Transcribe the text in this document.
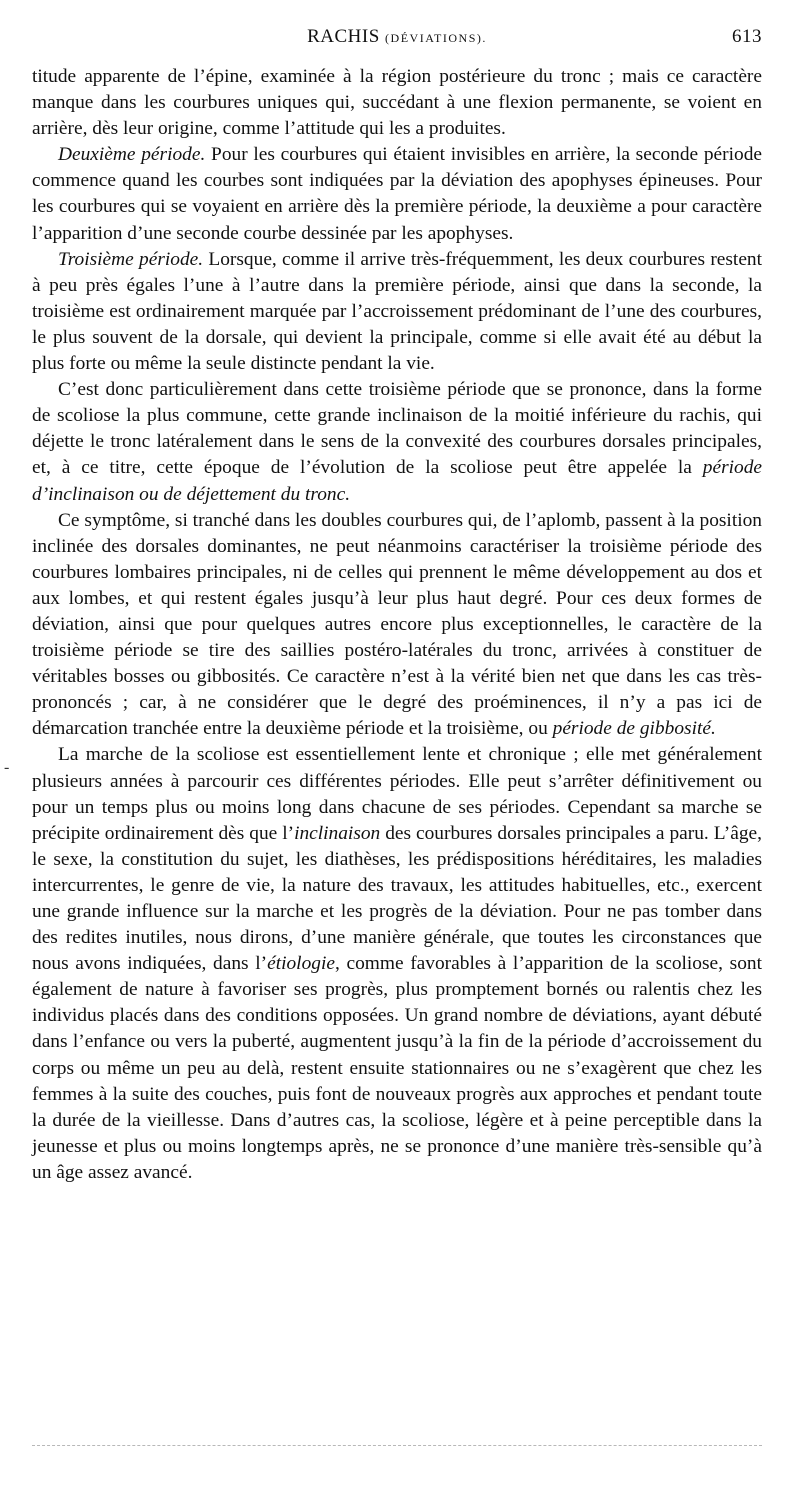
RACHIS (DÉVIATIONS).	613

titude apparente de l’épine, examinée à la région postérieure du tronc ; mais ce caractère manque dans les courbures uniques qui, succédant à une flexion permanente, se voient en arrière, dès leur origine, comme l’attitude qui les a produites.

Deuxième période. Pour les courbures qui étaient invisibles en arrière, la seconde période commence quand les courbes sont indiquées par la déviation des apophyses épineuses. Pour les courbures qui se voyaient en arrière dès la première période, la deuxième a pour caractère l’apparition d’une seconde courbe dessinée par les apophyses.

Troisième période. Lorsque, comme il arrive très-fréquemment, les deux courbures restent à peu près égales l’une à l’autre dans la première période, ainsi que dans la seconde, la troisième est ordinairement marquée par l’accroissement prédominant de l’une des courbures, le plus souvent de la dorsale, qui devient la principale, comme si elle avait été au début la plus forte ou même la seule distincte pendant la vie.

C’est donc particulièrement dans cette troisième période que se prononce, dans la forme de scoliose la plus commune, cette grande inclinaison de la moitié inférieure du rachis, qui déjette le tronc latéralement dans le sens de la convexité des courbures dorsales principales, et, à ce titre, cette époque de l’évolution de la scoliose peut être appelée la période d’inclinaison ou de déjettement du tronc.

Ce symptôme, si tranché dans les doubles courbures qui, de l’aplomb, passent à la position inclinée des dorsales dominantes, ne peut néanmoins caractériser la troisième période des courbures lombaires principales, ni de celles qui prennent le même développement au dos et aux lombes, et qui restent égales jusqu’à leur plus haut degré. Pour ces deux formes de déviation, ainsi que pour quelques autres encore plus exceptionnelles, le caractère de la troisième période se tire des saillies postéro-latérales du tronc, arrivées à constituer de véritables bosses ou gibbosités. Ce caractère n’est à la vérité bien net que dans les cas très-prononcés ; car, à ne considérer que le degré des proéminences, il n’y a pas ici de démarcation tranchée entre la deuxième période et la troisième, ou période de gibbosité.

La marche de la scoliose est essentiellement lente et chronique ; elle met généralement plusieurs années à parcourir ces différentes périodes. Elle peut s’arrêter définitivement ou pour un temps plus ou moins long dans chacune de ses périodes. Cependant sa marche se précipite ordinairement dès que l’inclinaison des courbures dorsales principales a paru. L’âge, le sexe, la constitution du sujet, les diathèses, les prédispositions héréditaires, les maladies intercurrentes, le genre de vie, la nature des travaux, les attitudes habituelles, etc., exercent une grande influence sur la marche et les progrès de la déviation. Pour ne pas tomber dans des redites inutiles, nous dirons, d’une manière générale, que toutes les circonstances que nous avons indiquées, dans l’étiologie, comme favorables à l’apparition de la scoliose, sont également de nature à favoriser ses progrès, plus promptement bornés ou ralentis chez les individus placés dans des conditions opposées. Un grand nombre de déviations, ayant débuté dans l’enfance ou vers la puberté, augmentent jusqu’à la fin de la période d’accroissement du corps ou même un peu au delà, restent ensuite stationnaires ou ne s’exagèrent que chez les femmes à la suite des couches, puis font de nouveaux progrès aux approches et pendant toute la durée de la vieillesse. Dans d’autres cas, la scoliose, légère et à peine perceptible dans la jeunesse et plus ou moins longtemps après, ne se prononce d’une manière très-sensible qu’à un âge assez avancé.

-
